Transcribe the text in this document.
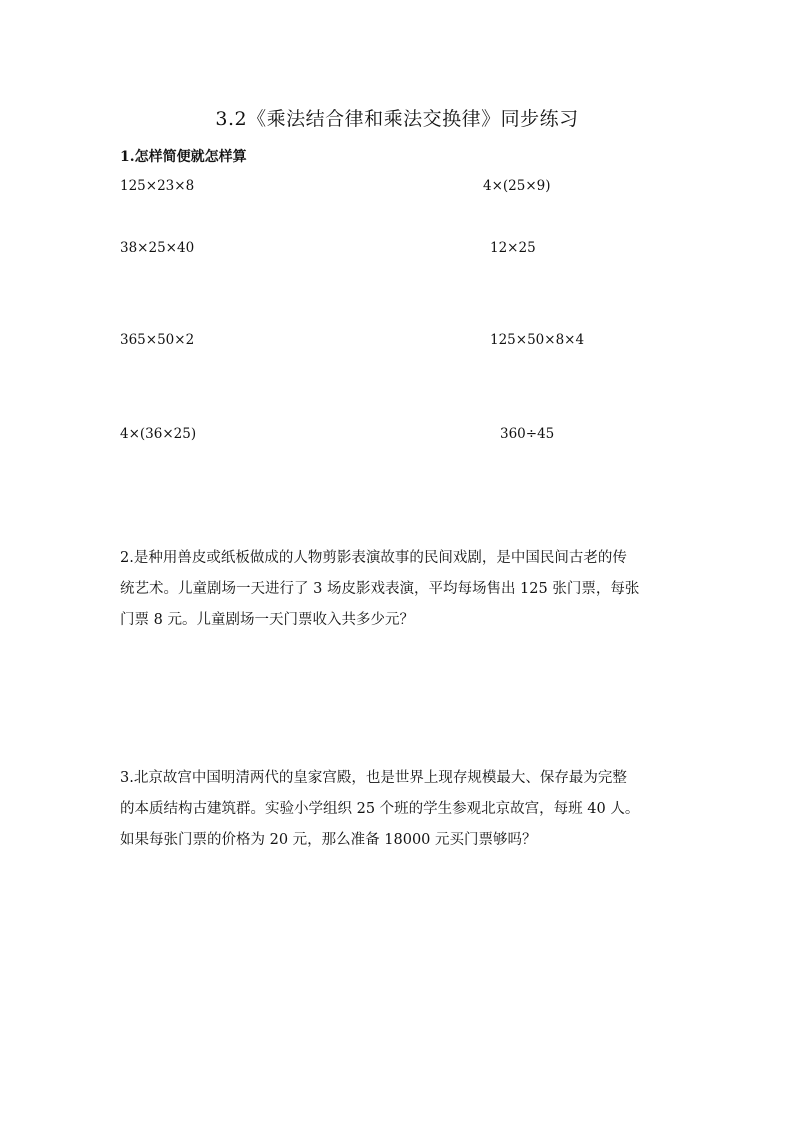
3.2《乘法结合律和乘法交换律》同步练习
1.怎样简便就怎样算
125×23×8
38×25×40
365×50×2
4×(36×25)
4×(25×9)
12×25
125×50×8×4
360÷45
2.是种用兽皮或纸板做成的人物剪影表演故事的民间戏剧，是中国民间古老的传
统艺术。儿童剧场一天进行了 3 场皮影戏表演，平均每场售出 125 张门票，每张
门票 8 元。儿童剧场一天门票收入共多少元？
3.北京故宫中国明清两代的皇家宫殿，也是世界上现存规模最大、保存最为完整
的本质结构古建筑群。实验小学组织 25 个班的学生参观北京故宫，每班 40 人。
如果每张门票的价格为 20 元，那么准备 18000 元买门票够吗？
